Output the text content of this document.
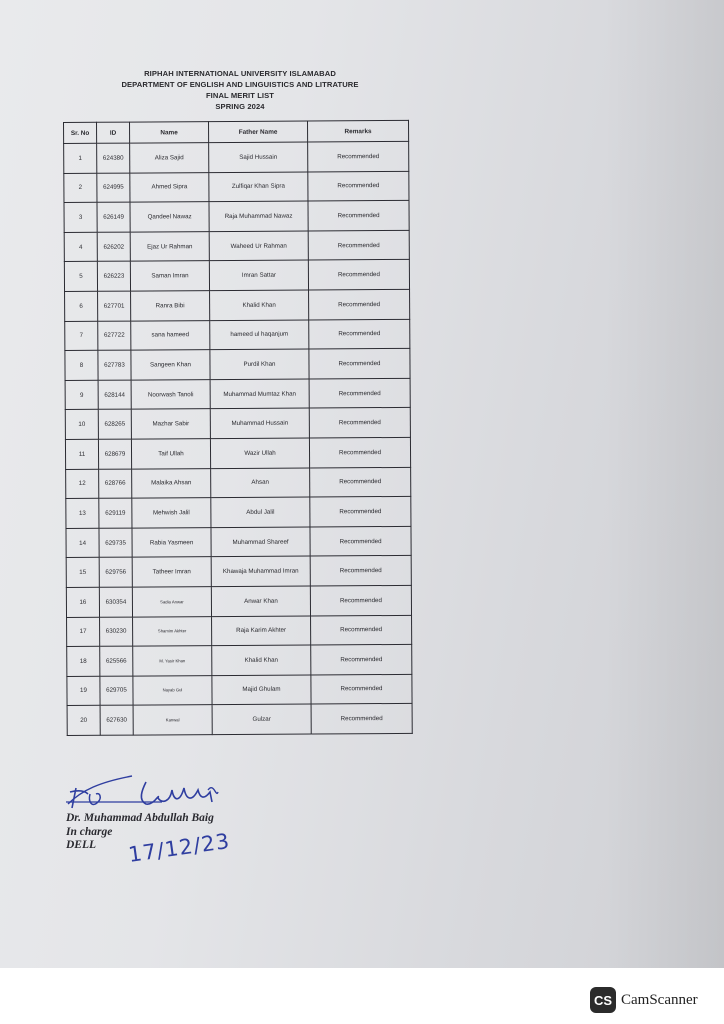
RIPHAH INTERNATIONAL UNIVERSITY ISLAMABAD
DEPARTMENT OF ENGLISH AND LINGUISTICS AND LITRATURE
FINAL MERIT LIST
SPRING 2024
Sr. No	ID	Name	Father Name	Remarks
1	624380	Aliza Sajid	Sajid Hussain	Recommended
2	624995	Ahmed Sipra	Zulfiqar Khan Sipra	Recommended
3	626149	Qandeel Nawaz	Raja Muhammad Nawaz	Recommended
4	626202	Ejaz Ur Rahman	Waheed Ur Rahman	Recommended
5	626223	Saman Imran	Imran Sattar	Recommended
6	627701	Ranra Bibi	Khalid Khan	Recommended
7	627722	sana hameed	hameed ul haqanjum	Recommended
8	627783	Sangeen Khan	Purdil Khan	Recommended
9	628144	Noorwash Tanoli	Muhammad Mumtaz Khan	Recommended
10	628265	Mazhar Sabir	Muhammad Hussain	Recommended
11	628679	Taif Ullah	Wazir Ullah	Recommended
12	628766	Malaika Ahsan	Ahsan	Recommended
13	629119	Mehwish Jalil	Abdul Jalil	Recommended
14	629735	Rabia Yasmeen	Muhammad Shareef	Recommended
15	629756	Tatheer Imran	Khawaja Muhammad Imran	Recommended
16	630354	Sadia Anwar	Anwar Khan	Recommended
17	630230	Shamim Akhter	Raja Karim Akhter	Recommended
18	625566	M. Yasir Khan	Khalid Khan	Recommended
19	629705	Nayab Gul	Majid Ghulam	Recommended
20	627630	Kanwal	Gulzar	Recommended
Dr. Muhammad Abdullah Baig
In charge
DELL	17/12/23
CS CamScanner
